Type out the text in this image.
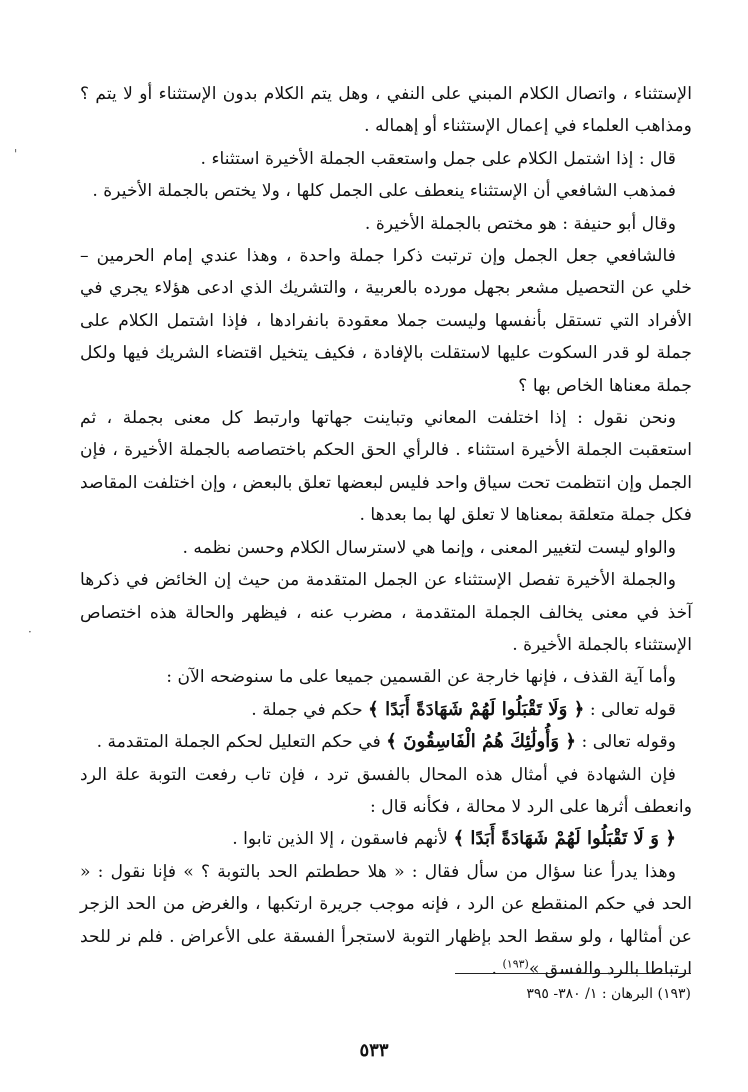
'
·

الإستثناء ، واتصال الكلام المبني على النفي ، وهل يتم الكلام بدون الإستثناء أو لا يتم ؟ ومذاهب العلماء في إعمال الإستثناء أو إهماله .

قال : إذا اشتمل الكلام على جمل واستعقب الجملة الأخيرة استثناء .

فمذهب الشافعي أن الإستثناء ينعطف على الجمل كلها ، ولا يختص بالجملة الأخيرة .

وقال أبو حنيفة : هو مختص بالجملة الأخيرة .

فالشافعي جعل الجمل وإن ترتبت ذكرا جملة واحدة ، وهذا عندي إمام الحرمين – خلي عن التحصيل مشعر بجهل مورده بالعربية ، والتشريك الذي ادعى هؤلاء يجري في الأفراد التي تستقل بأنفسها وليست جملا معقودة بانفرادها ، فإذا اشتمل الكلام على جملة لو قدر السكوت عليها لاستقلت بالإفادة ، فكيف يتخيل اقتضاء الشريك فيها ولكل جملة معناها الخاص بها ؟

ونحن نقول : إذا اختلفت المعاني وتباينت جهاتها وارتبط كل معنى بجملة ، ثم استعقبت الجملة الأخيرة استثناء . فالرأي الحق الحكم باختصاصه بالجملة الأخيرة ، فإن الجمل وإن انتظمت تحت سياق واحد فليس لبعضها تعلق بالبعض ، وإن اختلفت المقاصد فكل جملة متعلقة بمعناها لا تعلق لها بما بعدها .

والواو ليست لتغيير المعنى ، وإنما هي لاسترسال الكلام وحسن نظمه .

والجملة الأخيرة تفصل الإستثناء عن الجمل المتقدمة من حيث إن الخائض في ذكرها آخذ في معنى يخالف الجملة المتقدمة ، مضرب عنه ، فيظهر والحالة هذه اختصاص الإستثناء بالجملة الأخيرة .

وأما آية القذف ، فإنها خارجة عن القسمين جميعا على ما سنوضحه الآن :

قوله تعالى : ﴿ وَلَا تَقْبَلُوا لَهُمْ شَهَادَةً أَبَدًا ﴾ حكم في جملة .

وقوله تعالى : ﴿ وَأُولَٰئِكَ هُمُ الْفَاسِقُونَ ﴾ في حكم التعليل لحكم الجملة المتقدمة .

فإن الشهادة في أمثال هذه المحال بالفسق ترد ، فإن تاب رفعت التوبة علة الرد وانعطف أثرها على الرد لا محالة ، فكأنه قال :

﴿ وَ لَا تَقْبَلُوا لَهُمْ شَهَادَةً أَبَدًا ﴾ لأنهم فاسقون ، إلا الذين تابوا .

وهذا يدرأ عنا سؤال من سأل فقال : « هلا حططتم الحد بالتوبة ؟ » فإنا نقول : « الحد في حكم المنقطع عن الرد ، فإنه موجب جريرة ارتكبها ، والغرض من الحد الزجر عن أمثالها ، ولو سقط الحد بإظهار التوبة لاستجرأ الفسقة على الأعراض . فلم نر للحد ارتباطا بالرد والفسق »$^{(١٩٣)}$ .

(١٩٣) البرهان : ١/ ٣٨٠- ٣٩٥
٥٣٣
